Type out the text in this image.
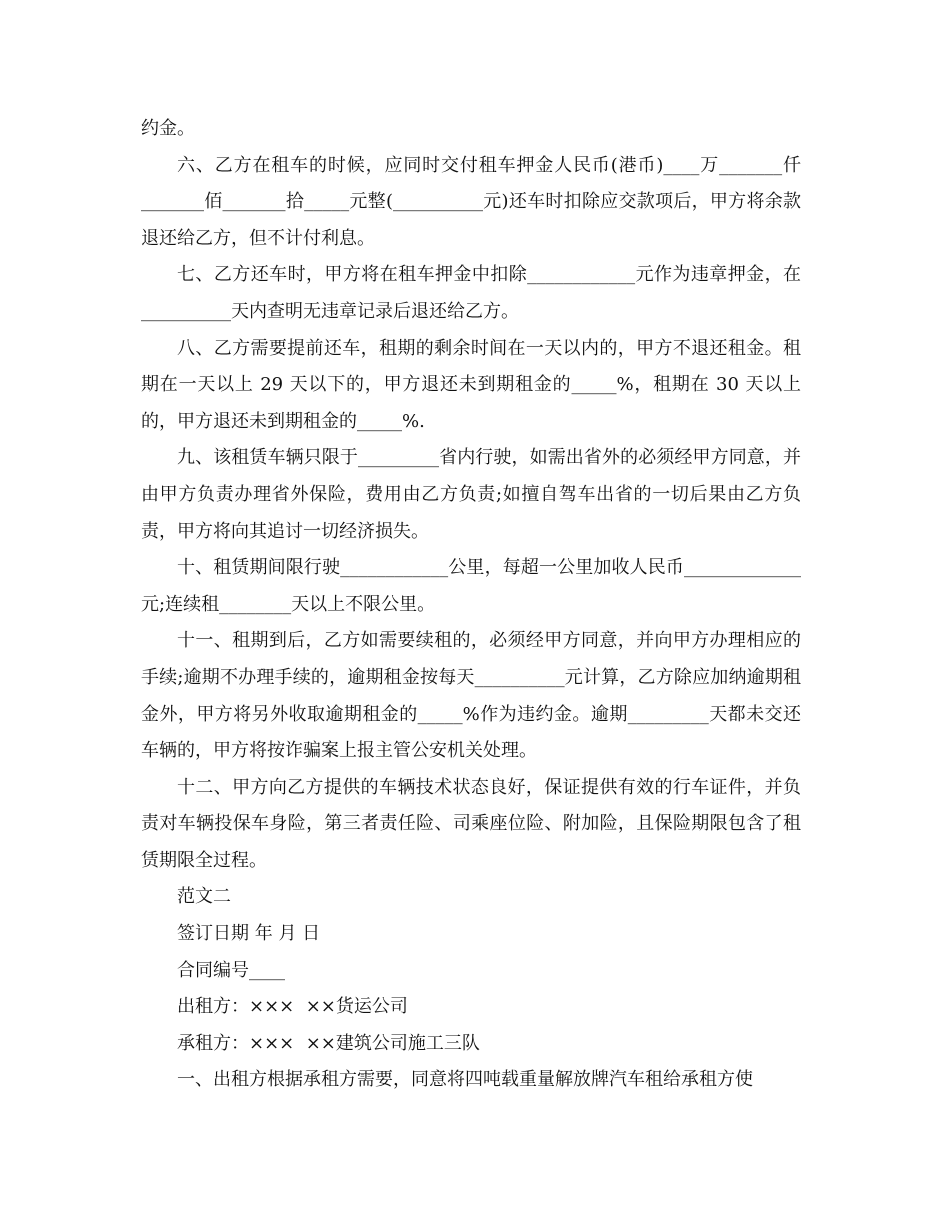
约金。

六、乙方在租车的时候，应同时交付租车押金人民币(港币)____万_______仟_______佰_______拾_____元整(__________元)还车时扣除应交款项后，甲方将余款退还给乙方，但不计付利息。

七、乙方还车时，甲方将在租车押金中扣除____________元作为违章押金，在__________天内查明无违章记录后退还给乙方。

八、乙方需要提前还车，租期的剩余时间在一天以内的，甲方不退还租金。租期在一天以上 29 天以下的，甲方退还未到期租金的_____%，租期在 30 天以上的，甲方退还未到期租金的_____%.

九、该租赁车辆只限于_________省内行驶，如需出省外的必须经甲方同意，并由甲方负责办理省外保险，费用由乙方负责;如擅自驾车出省的一切后果由乙方负责，甲方将向其追讨一切经济损失。

十、租赁期间限行驶____________公里，每超一公里加收人民币_____________元;连续租________天以上不限公里。

十一、租期到后，乙方如需要续租的，必须经甲方同意，并向甲方办理相应的手续;逾期不办理手续的，逾期租金按每天__________元计算，乙方除应加纳逾期租金外，甲方将另外收取逾期租金的_____%作为违约金。逾期_________天都未交还车辆的，甲方将按诈骗案上报主管公安机关处理。

十二、甲方向乙方提供的车辆技术状态良好，保证提供有效的行车证件，并负责对车辆投保车身险，第三者责任险、司乘座位险、附加险，且保险期限包含了租赁期限全过程。

范文二

签订日期 年 月 日

合同编号____

出租方：×××  ××货运公司

承租方：×××  ××建筑公司施工三队

一、出租方根据承租方需要，同意将四吨载重量解放牌汽车租给承租方使
